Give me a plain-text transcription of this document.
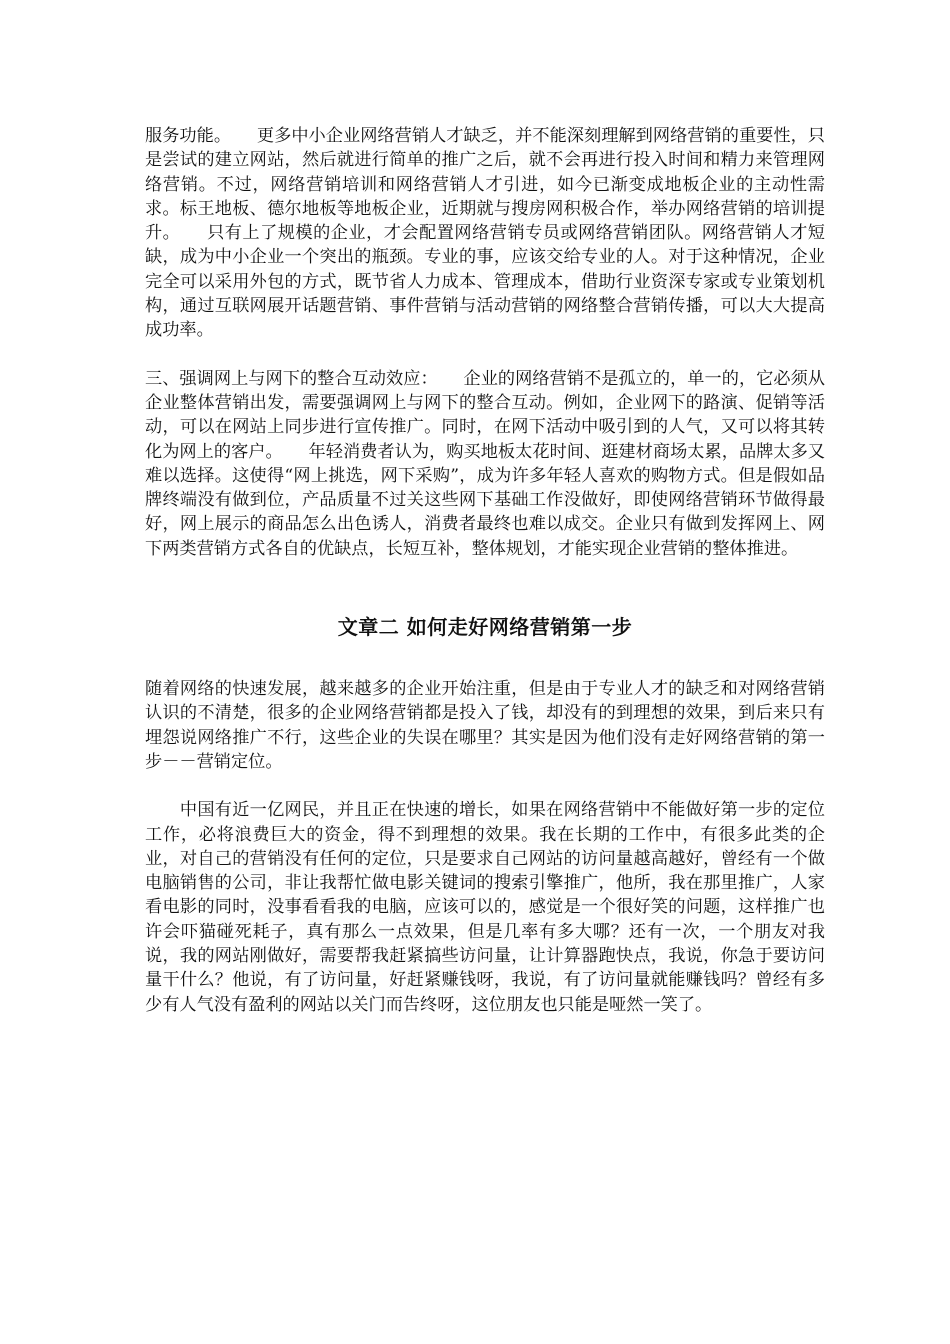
服务功能。　　更多中小企业网络营销人才缺乏，并不能深刻理解到网络营销的重要性，只是尝试的建立网站，然后就进行简单的推广之后，就不会再进行投入时间和精力来管理网络营销。不过，网络营销培训和网络营销人才引进，如今已渐变成地板企业的主动性需求。标王地板、德尔地板等地板企业，近期就与搜房网积极合作，举办网络营销的培训提升。　　只有上了规模的企业，才会配置网络营销专员或网络营销团队。网络营销人才短缺，成为中小企业一个突出的瓶颈。专业的事，应该交给专业的人。对于这种情况，企业完全可以采用外包的方式，既节省人力成本、管理成本，借助行业资深专家或专业策划机构，通过互联网展开话题营销、事件营销与活动营销的网络整合营销传播，可以大大提高成功率。

三、强调网上与网下的整合互动效应：　　企业的网络营销不是孤立的，单一的，它必须从企业整体营销出发，需要强调网上与网下的整合互动。例如，企业网下的路演、促销等活动，可以在网站上同步进行宣传推广。同时，在网下活动中吸引到的人气，又可以将其转化为网上的客户。　　年轻消费者认为，购买地板太花时间、逛建材商场太累，品牌太多又难以选择。这使得“网上挑选，网下采购”，成为许多年轻人喜欢的购物方式。但是假如品牌终端没有做到位，产品质量不过关这些网下基础工作没做好，即使网络营销环节做得最好，网上展示的商品怎么出色诱人，消费者最终也难以成交。企业只有做到发挥网上、网下两类营销方式各自的优缺点，长短互补，整体规划，才能实现企业营销的整体推进。

文章二 如何走好网络营销第一步

随着网络的快速发展，越来越多的企业开始注重，但是由于专业人才的缺乏和对网络营销认识的不清楚，很多的企业网络营销都是投入了钱，却没有的到理想的效果，到后来只有埋怨说网络推广不行，这些企业的失误在哪里？其实是因为他们没有走好网络营销的第一步－－营销定位。

　　中国有近一亿网民，并且正在快速的增长，如果在网络营销中不能做好第一步的定位工作，必将浪费巨大的资金，得不到理想的效果。我在长期的工作中，有很多此类的企业，对自己的营销没有任何的定位，只是要求自己网站的访问量越高越好，曾经有一个做电脑销售的公司，非让我帮忙做电影关键词的搜索引擎推广，他所，我在那里推广，人家看电影的同时，没事看看我的电脑，应该可以的，感觉是一个很好笑的问题，这样推广也许会吓猫碰死耗子，真有那么一点效果，但是几率有多大哪？还有一次，一个朋友对我说，我的网站刚做好，需要帮我赶紧搞些访问量，让计算器跑快点，我说，你急于要访问量干什么？他说，有了访问量，好赶紧赚钱呀，我说，有了访问量就能赚钱吗？曾经有多少有人气没有盈利的网站以关门而告终呀，这位朋友也只能是哑然一笑了。
